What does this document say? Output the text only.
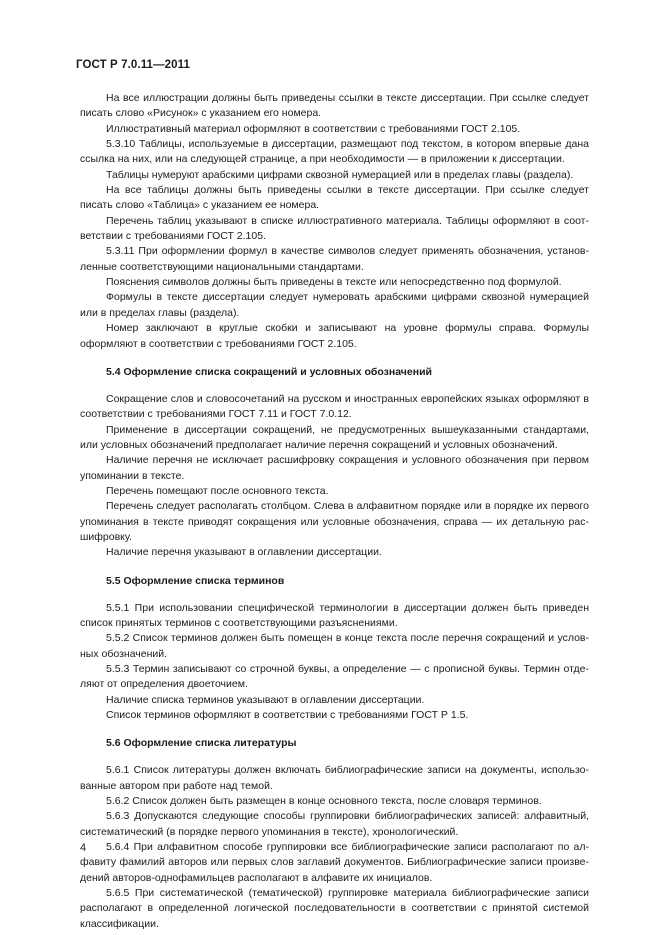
ГОСТ Р 7.0.11—2011

На все иллюстрации должны быть приведены ссылки в тексте диссертации. При ссылке следует писать слово «Рисунок» с указанием его номера.

Иллюстративный материал оформляют в соответствии с требованиями ГОСТ 2.105.

5.3.10 Таблицы, используемые в диссертации, размещают под текстом, в котором впервые дана ссылка на них, или на следующей странице, а при необходимости — в приложении к диссертации.

Таблицы нумеруют арабскими цифрами сквозной нумерацией или в пределах главы (раздела).

На все таблицы должны быть приведены ссылки в тексте диссертации. При ссылке следует писать слово «Таблица» с указанием ее номера.

Перечень таблиц указывают в списке иллюстративного материала. Таблицы оформляют в соответствии с требованиями ГОСТ 2.105.

5.3.11 При оформлении формул в качестве символов следует применять обозначения, установленные соответствующими национальными стандартами.

Пояснения символов должны быть приведены в тексте или непосредственно под формулой.

Формулы в тексте диссертации следует нумеровать арабскими цифрами сквозной нумерацией или в пределах главы (раздела).

Номер заключают в круглые скобки и записывают на уровне формулы справа. Формулы оформляют в соответствии с требованиями ГОСТ 2.105.

5.4 Оформление списка сокращений и условных обозначений

Сокращение слов и словосочетаний на русском и иностранных европейских языках оформляют в соответствии с требованиями ГОСТ 7.11 и ГОСТ 7.0.12.

Применение в диссертации сокращений, не предусмотренных вышеуказанными стандартами, или условных обозначений предполагает наличие перечня сокращений и условных обозначений.

Наличие перечня не исключает расшифровку сокращения и условного обозначения при первом упоминании в тексте.

Перечень помещают после основного текста.

Перечень следует располагать столбцом. Слева в алфавитном порядке или в порядке их первого упоминания в тексте приводят сокращения или условные обозначения, справа — их детальную расшифровку.

Наличие перечня указывают в оглавлении диссертации.

5.5 Оформление списка терминов

5.5.1 При использовании специфической терминологии в диссертации должен быть приведен список принятых терминов с соответствующими разъяснениями.

5.5.2 Список терминов должен быть помещен в конце текста после перечня сокращений и условных обозначений.

5.5.3 Термин записывают со строчной буквы, а определение — с прописной буквы. Термин отделяют от определения двоеточием.

Наличие списка терминов указывают в оглавлении диссертации.

Список терминов оформляют в соответствии с требованиями ГОСТ Р 1.5.

5.6 Оформление списка литературы

5.6.1 Список литературы должен включать библиографические записи на документы, использованные автором при работе над темой.

5.6.2 Список должен быть размещен в конце основного текста, после словаря терминов.

5.6.3 Допускаются следующие способы группировки библиографических записей: алфавитный, систематический (в порядке первого упоминания в тексте), хронологический.

5.6.4 При алфавитном способе группировки все библиографические записи располагают по алфавиту фамилий авторов или первых слов заглавий документов. Библиографические записи произведений авторов-однофамильцев располагают в алфавите их инициалов.

5.6.5 При систематической (тематической) группировке материала библиографические записи располагают в определенной логической последовательности в соответствии с принятой системой классификации.

4
